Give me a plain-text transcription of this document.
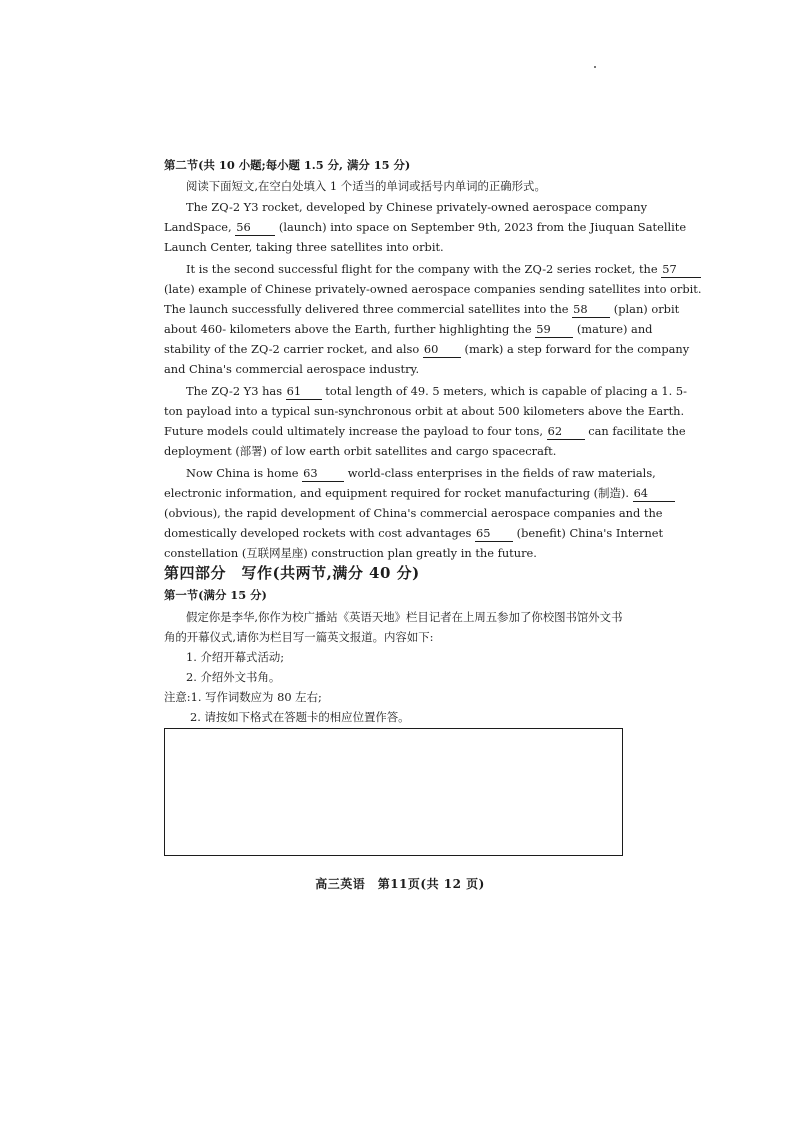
第二节(共 10 小题;每小题 1.5 分, 满分 15 分)
阅读下面短文,在空白处填入 1 个适当的单词或括号内单词的正确形式。
The ZQ-2 Y3 rocket, developed by Chinese privately-owned aerospace company
LandSpace, 56 (launch) into space on September 9th, 2023 from the Jiuquan Satellite
Launch Center, taking three satellites into orbit.
It is the second successful flight for the company with the ZQ-2 series rocket, the 57
(late) example of Chinese privately-owned aerospace companies sending satellites into orbit.
The launch successfully delivered three commercial satellites into the 58 (plan) orbit
about 460- kilometers above the Earth, further highlighting the 59 (mature) and
stability of the ZQ-2 carrier rocket, and also 60 (mark) a step forward for the company
and China's commercial aerospace industry.
The ZQ-2 Y3 has 61 total length of 49. 5 meters, which is capable of placing a 1. 5-
ton payload into a typical sun-synchronous orbit at about 500 kilometers above the Earth.
Future models could ultimately increase the payload to four tons, 62 can facilitate the
deployment (部署) of low earth orbit satellites and cargo spacecraft.
Now China is home 63	world-class enterprises in the fields of raw materials,
electronic information, and equipment required for rocket manufacturing (制造). 64
(obvious), the rapid development of China's commercial aerospace companies and the
domestically developed rockets with cost advantages 65 (benefit) China's Internet
constellation (互联网星座) construction plan greatly in the future.
第四部分　写作(共两节,满分 40 分)
第一节(满分 15 分)
假定你是李华,你作为校广播站《英语天地》栏目记者在上周五参加了你校图书馆外文书
角的开幕仪式,请你为栏目写一篇英文报道。内容如下:
1. 介绍开幕式活动;
2. 介绍外文书角。
注意:1. 写作词数应为 80 左右;
2. 请按如下格式在答题卡的相应位置作答。
高三英语　第11页(共 12 页)
